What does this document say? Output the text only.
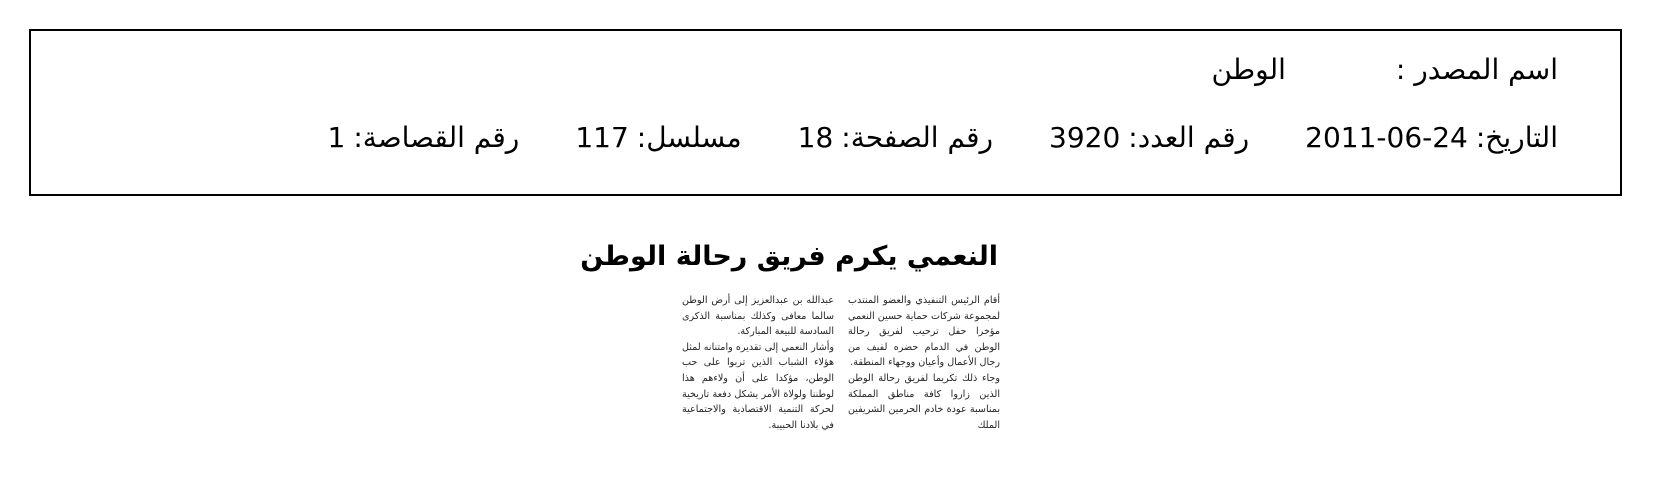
اسم المصدر :
الوطن
التاريخ:
2011-06-24
رقم العدد:
3920
رقم الصفحة:
18
مسلسل:
117
رقم القصاصة:
1
النعمي يكرم فريق رحالة الوطن

أقام الرئيس التنفيذي والعضو المنتدب لمجموعة شركات حماية حسين النعمي مؤخرا حفل ترحيب لفريق رحالة الوطن في الدمام حضره لفيف من رجال الأعمال وأعيان ووجهاء المنطقة.

وجاء ذلك تكريما لفريق رحالة الوطن الذين زاروا كافة مناطق المملكة بمناسبة عودة خادم الحرمين الشريفين الملك

عبدالله بن عبدالعزيز إلى أرض الوطن سالما معافى وكذلك بمناسبة الذكرى السادسة للبيعة المباركة.

وأشار النعمي إلى تقديره وامتنانه لمثل هؤلاء الشباب الذين تربوا على حب الوطن، مؤكدا على أن ولاءهم هذا لوطننا ولولاة الأمر يشكل دفعة تاريخية لحركة التنمية الاقتصادية والاجتماعية في بلادنا الحبيبة.
